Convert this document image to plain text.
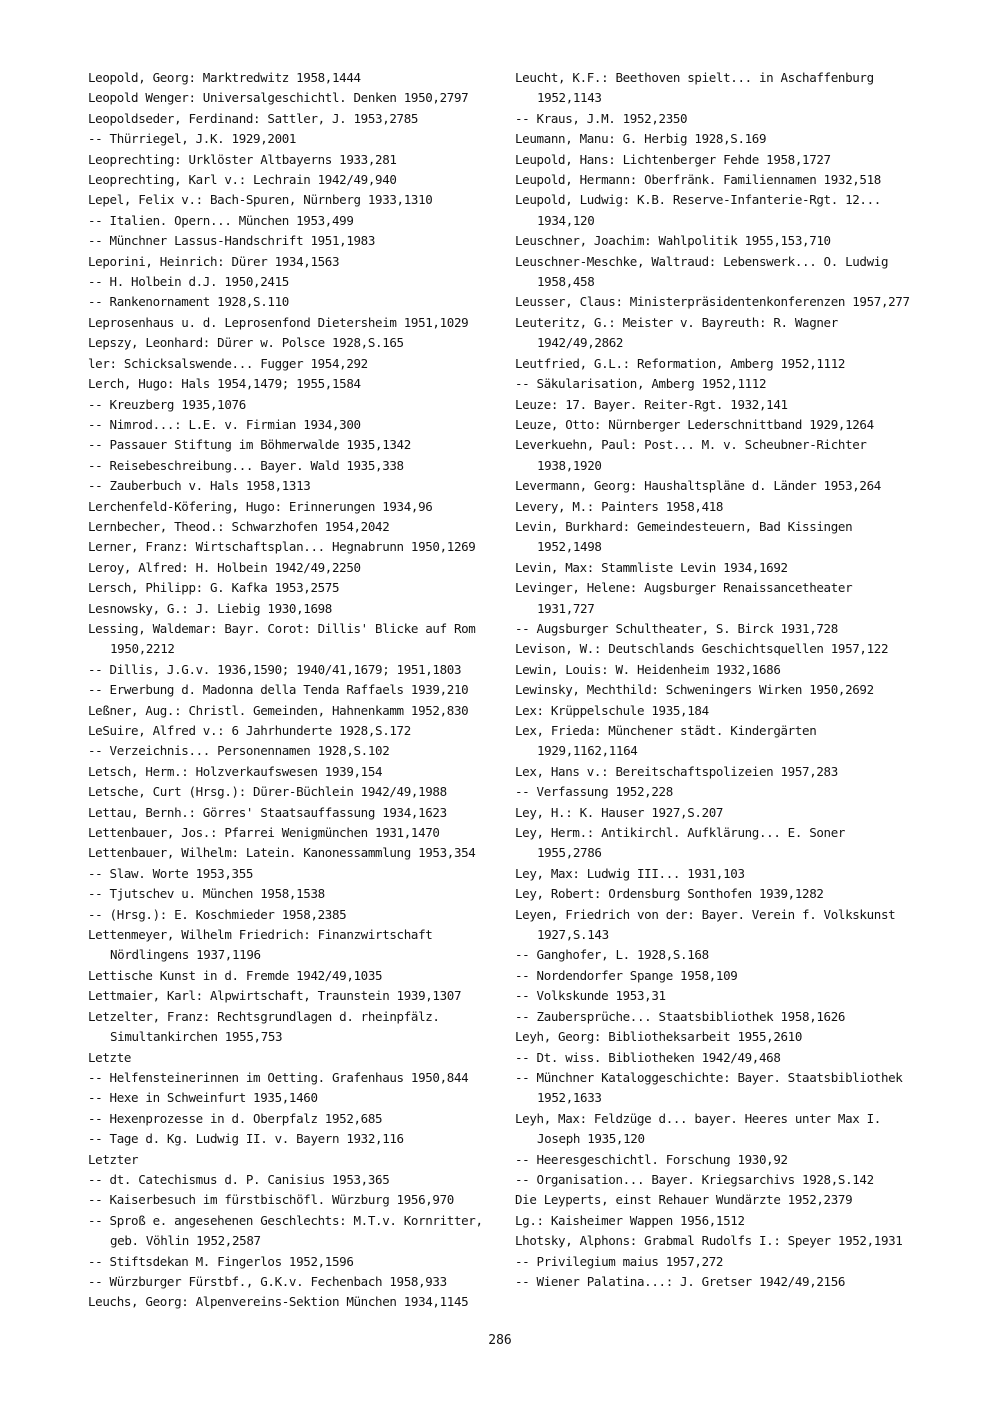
Leopold, Georg: Marktredwitz 1958,1444
Leopold Wenger: Universalgeschichtl. Denken 1950,2797
Leopoldseder, Ferdinand: Sattler, J. 1953,2785
-- Thürriegel, J.K. 1929,2001
Leoprechting: Urklöster Altbayerns 1933,281
Leoprechting, Karl v.: Lechrain 1942/49,940
Lepel, Felix v.: Bach-Spuren, Nürnberg 1933,1310
-- Italien. Opern... München 1953,499
-- Münchner Lassus-Handschrift 1951,1983
Leporini, Heinrich: Dürer 1934,1563
-- H. Holbein d.J. 1950,2415
-- Rankenornament 1928,S.110
Leprosenhaus u. d. Leprosenfond Dietersheim 1951,1029
Lepszy, Leonhard: Dürer w. Polsce 1928,S.165
ler: Schicksalswende... Fugger 1954,292
Lerch, Hugo: Hals 1954,1479; 1955,1584
-- Kreuzberg 1935,1076
-- Nimrod...: L.E. v. Firmian 1934,300
-- Passauer Stiftung im Böhmerwalde 1935,1342
-- Reisebeschreibung... Bayer. Wald 1935,338
-- Zauberbuch v. Hals 1958,1313
Lerchenfeld-Köfering, Hugo: Erinnerungen 1934,96
Lernbecher, Theod.: Schwarzhofen 1954,2042
Lerner, Franz: Wirtschaftsplan... Hegnabrunn 1950,1269
Leroy, Alfred: H. Holbein 1942/49,2250
Lersch, Philipp: G. Kafka 1953,2575
Lesnowsky, G.: J. Liebig 1930,1698
Lessing, Waldemar: Bayr. Corot: Dillis' Blicke auf Rom 1950,2212
-- Dillis, J.G.v. 1936,1590; 1940/41,1679; 1951,1803
-- Erwerbung d. Madonna della Tenda Raffaels 1939,210
Leßner, Aug.: Christl. Gemeinden, Hahnenkamm 1952,830
LeSuire, Alfred v.: 6 Jahrhunderte 1928,S.172
-- Verzeichnis... Personennamen 1928,S.102
Letsch, Herm.: Holzverkaufswesen 1939,154
Letsche, Curt (Hrsg.): Dürer-Büchlein 1942/49,1988
Lettau, Bernh.: Görres' Staatsauffassung 1934,1623
Lettenbauer, Jos.: Pfarrei Wenigmünchen 1931,1470
Lettenbauer, Wilhelm: Latein. Kanonessammlung 1953,354
-- Slaw. Worte 1953,355
-- Tjutschev u. München 1958,1538
-- (Hrsg.): E. Koschmieder 1958,2385
Lettenmeyer, Wilhelm Friedrich: Finanzwirtschaft Nördlingens 1937,1196
Lettische Kunst in d. Fremde 1942/49,1035
Lettmaier, Karl: Alpwirtschaft, Traunstein 1939,1307
Letzelter, Franz: Rechtsgrundlagen d. rheinpfälz. Simultankirchen 1955,753
Letzte
-- Helfensteinerinnen im Oetting. Grafenhaus 1950,844
-- Hexe in Schweinfurt 1935,1460
-- Hexenprozesse in d. Oberpfalz 1952,685
-- Tage d. Kg. Ludwig II. v. Bayern 1932,116
Letzter
-- dt. Catechismus d. P. Canisius 1953,365
-- Kaiserbesuch im fürstbischöfl. Würzburg 1956,970
-- Sproß e. angesehenen Geschlechts: M.T.v. Kornritter, geb. Vöhlin 1952,2587
-- Stiftsdekan M. Fingerlos 1952,1596
-- Würzburger Fürstbf., G.K.v. Fechenbach 1958,933
Leuchs, Georg: Alpenvereins-Sektion München 1934,1145
Leucht, K.F.: Beethoven spielt... in Aschaffenburg 1952,1143
-- Kraus, J.M. 1952,2350
Leumann, Manu: G. Herbig 1928,S.169
Leupold, Hans: Lichtenberger Fehde 1958,1727
Leupold, Hermann: Oberfränk. Familiennamen 1932,518
Leupold, Ludwig: K.B. Reserve-Infanterie-Rgt. 12... 1934,120
Leuschner, Joachim: Wahlpolitik 1955,153,710
Leuschner-Meschke, Waltraud: Lebenswerk... O. Ludwig 1958,458
Leusser, Claus: Ministerpräsidentenkonferenzen 1957,277
Leuteritz, G.: Meister v. Bayreuth: R. Wagner 1942/49,2862
Leutfried, G.L.: Reformation, Amberg 1952,1112
-- Säkularisation, Amberg 1952,1112
Leuze: 17. Bayer. Reiter-Rgt. 1932,141
Leuze, Otto: Nürnberger Lederschnittband 1929,1264
Leverkuehn, Paul: Post... M. v. Scheubner-Richter 1938,1920
Levermann, Georg: Haushaltspläne d. Länder 1953,264
Levery, M.: Painters 1958,418
Levin, Burkhard: Gemeindesteuern, Bad Kissingen 1952,1498
Levin, Max: Stammliste Levin 1934,1692
Levinger, Helene: Augsburger Renaissancetheater 1931,727
-- Augsburger Schultheater, S. Birck 1931,728
Levison, W.: Deutschlands Geschichtsquellen 1957,122
Lewin, Louis: W. Heidenheim 1932,1686
Lewinsky, Mechthild: Schweningers Wirken 1950,2692
Lex: Krüppelschule 1935,184
Lex, Frieda: Münchener städt. Kindergärten 1929,1162,1164
Lex, Hans v.: Bereitschaftspolizeien 1957,283
-- Verfassung 1952,228
Ley, H.: K. Hauser 1927,S.207
Ley, Herm.: Antikirchl. Aufklärung... E. Soner 1955,2786
Ley, Max: Ludwig III... 1931,103
Ley, Robert: Ordensburg Sonthofen 1939,1282
Leyen, Friedrich von der: Bayer. Verein f. Volkskunst 1927,S.143
-- Ganghofer, L. 1928,S.168
-- Nordendorfer Spange 1958,109
-- Volkskunde 1953,31
-- Zaubersprüche... Staatsbibliothek 1958,1626
Leyh, Georg: Bibliotheksarbeit 1955,2610
-- Dt. wiss. Bibliotheken 1942/49,468
-- Münchner Kataloggeschichte: Bayer. Staatsbibliothek 1952,1633
Leyh, Max: Feldzüge d... bayer. Heeres unter Max I. Joseph 1935,120
-- Heeresgeschichtl. Forschung 1930,92
-- Organisation... Bayer. Kriegsarchivs 1928,S.142
Die Leyperts, einst Rehauer Wundärzte 1952,2379
Lg.: Kaisheimer Wappen 1956,1512
Lhotsky, Alphons: Grabmal Rudolfs I.: Speyer 1952,1931
-- Privilegium maius 1957,272
-- Wiener Palatina...: J. Gretser 1942/49,2156
286
